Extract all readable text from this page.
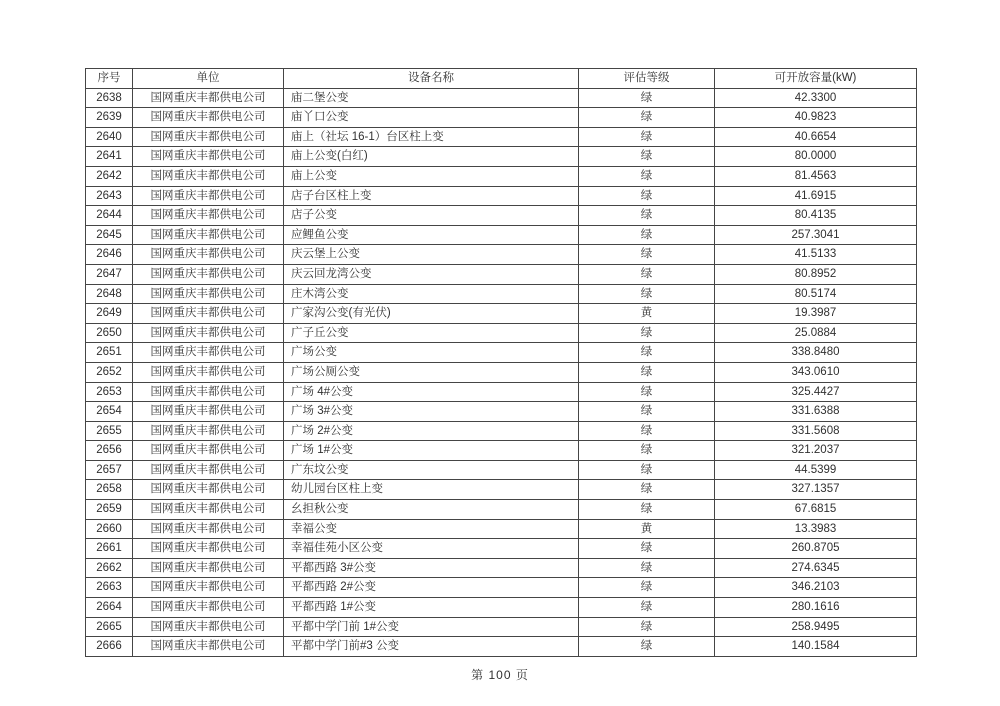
序号	单位	设备名称	评估等级	可开放容量(kW)
2638	国网重庆丰都供电公司	庙二堡公变	绿	42.3300
2639	国网重庆丰都供电公司	庙丫口公变	绿	40.9823
2640	国网重庆丰都供电公司	庙上（社坛 16-1）台区柱上变	绿	40.6654
2641	国网重庆丰都供电公司	庙上公变(白红)	绿	80.0000
2642	国网重庆丰都供电公司	庙上公变	绿	81.4563
2643	国网重庆丰都供电公司	店子台区柱上变	绿	41.6915
2644	国网重庆丰都供电公司	店子公变	绿	80.4135
2645	国网重庆丰都供电公司	应鲤鱼公变	绿	257.3041
2646	国网重庆丰都供电公司	庆云堡上公变	绿	41.5133
2647	国网重庆丰都供电公司	庆云回龙湾公变	绿	80.8952
2648	国网重庆丰都供电公司	庄木湾公变	绿	80.5174
2649	国网重庆丰都供电公司	广家沟公变(有光伏)	黄	19.3987
2650	国网重庆丰都供电公司	广子丘公变	绿	25.0884
2651	国网重庆丰都供电公司	广场公变	绿	338.8480
2652	国网重庆丰都供电公司	广场公厕公变	绿	343.0610
2653	国网重庆丰都供电公司	广场 4#公变	绿	325.4427
2654	国网重庆丰都供电公司	广场 3#公变	绿	331.6388
2655	国网重庆丰都供电公司	广场 2#公变	绿	331.5608
2656	国网重庆丰都供电公司	广场 1#公变	绿	321.2037
2657	国网重庆丰都供电公司	广东坟公变	绿	44.5399
2658	国网重庆丰都供电公司	幼儿园台区柱上变	绿	327.1357
2659	国网重庆丰都供电公司	幺担秋公变	绿	67.6815
2660	国网重庆丰都供电公司	幸福公变	黄	13.3983
2661	国网重庆丰都供电公司	幸福佳苑小区公变	绿	260.8705
2662	国网重庆丰都供电公司	平都西路 3#公变	绿	274.6345
2663	国网重庆丰都供电公司	平都西路 2#公变	绿	346.2103
2664	国网重庆丰都供电公司	平都西路 1#公变	绿	280.1616
2665	国网重庆丰都供电公司	平都中学门前 1#公变	绿	258.9495
2666	国网重庆丰都供电公司	平都中学门前#3 公变	绿	140.1584
第 100 页
